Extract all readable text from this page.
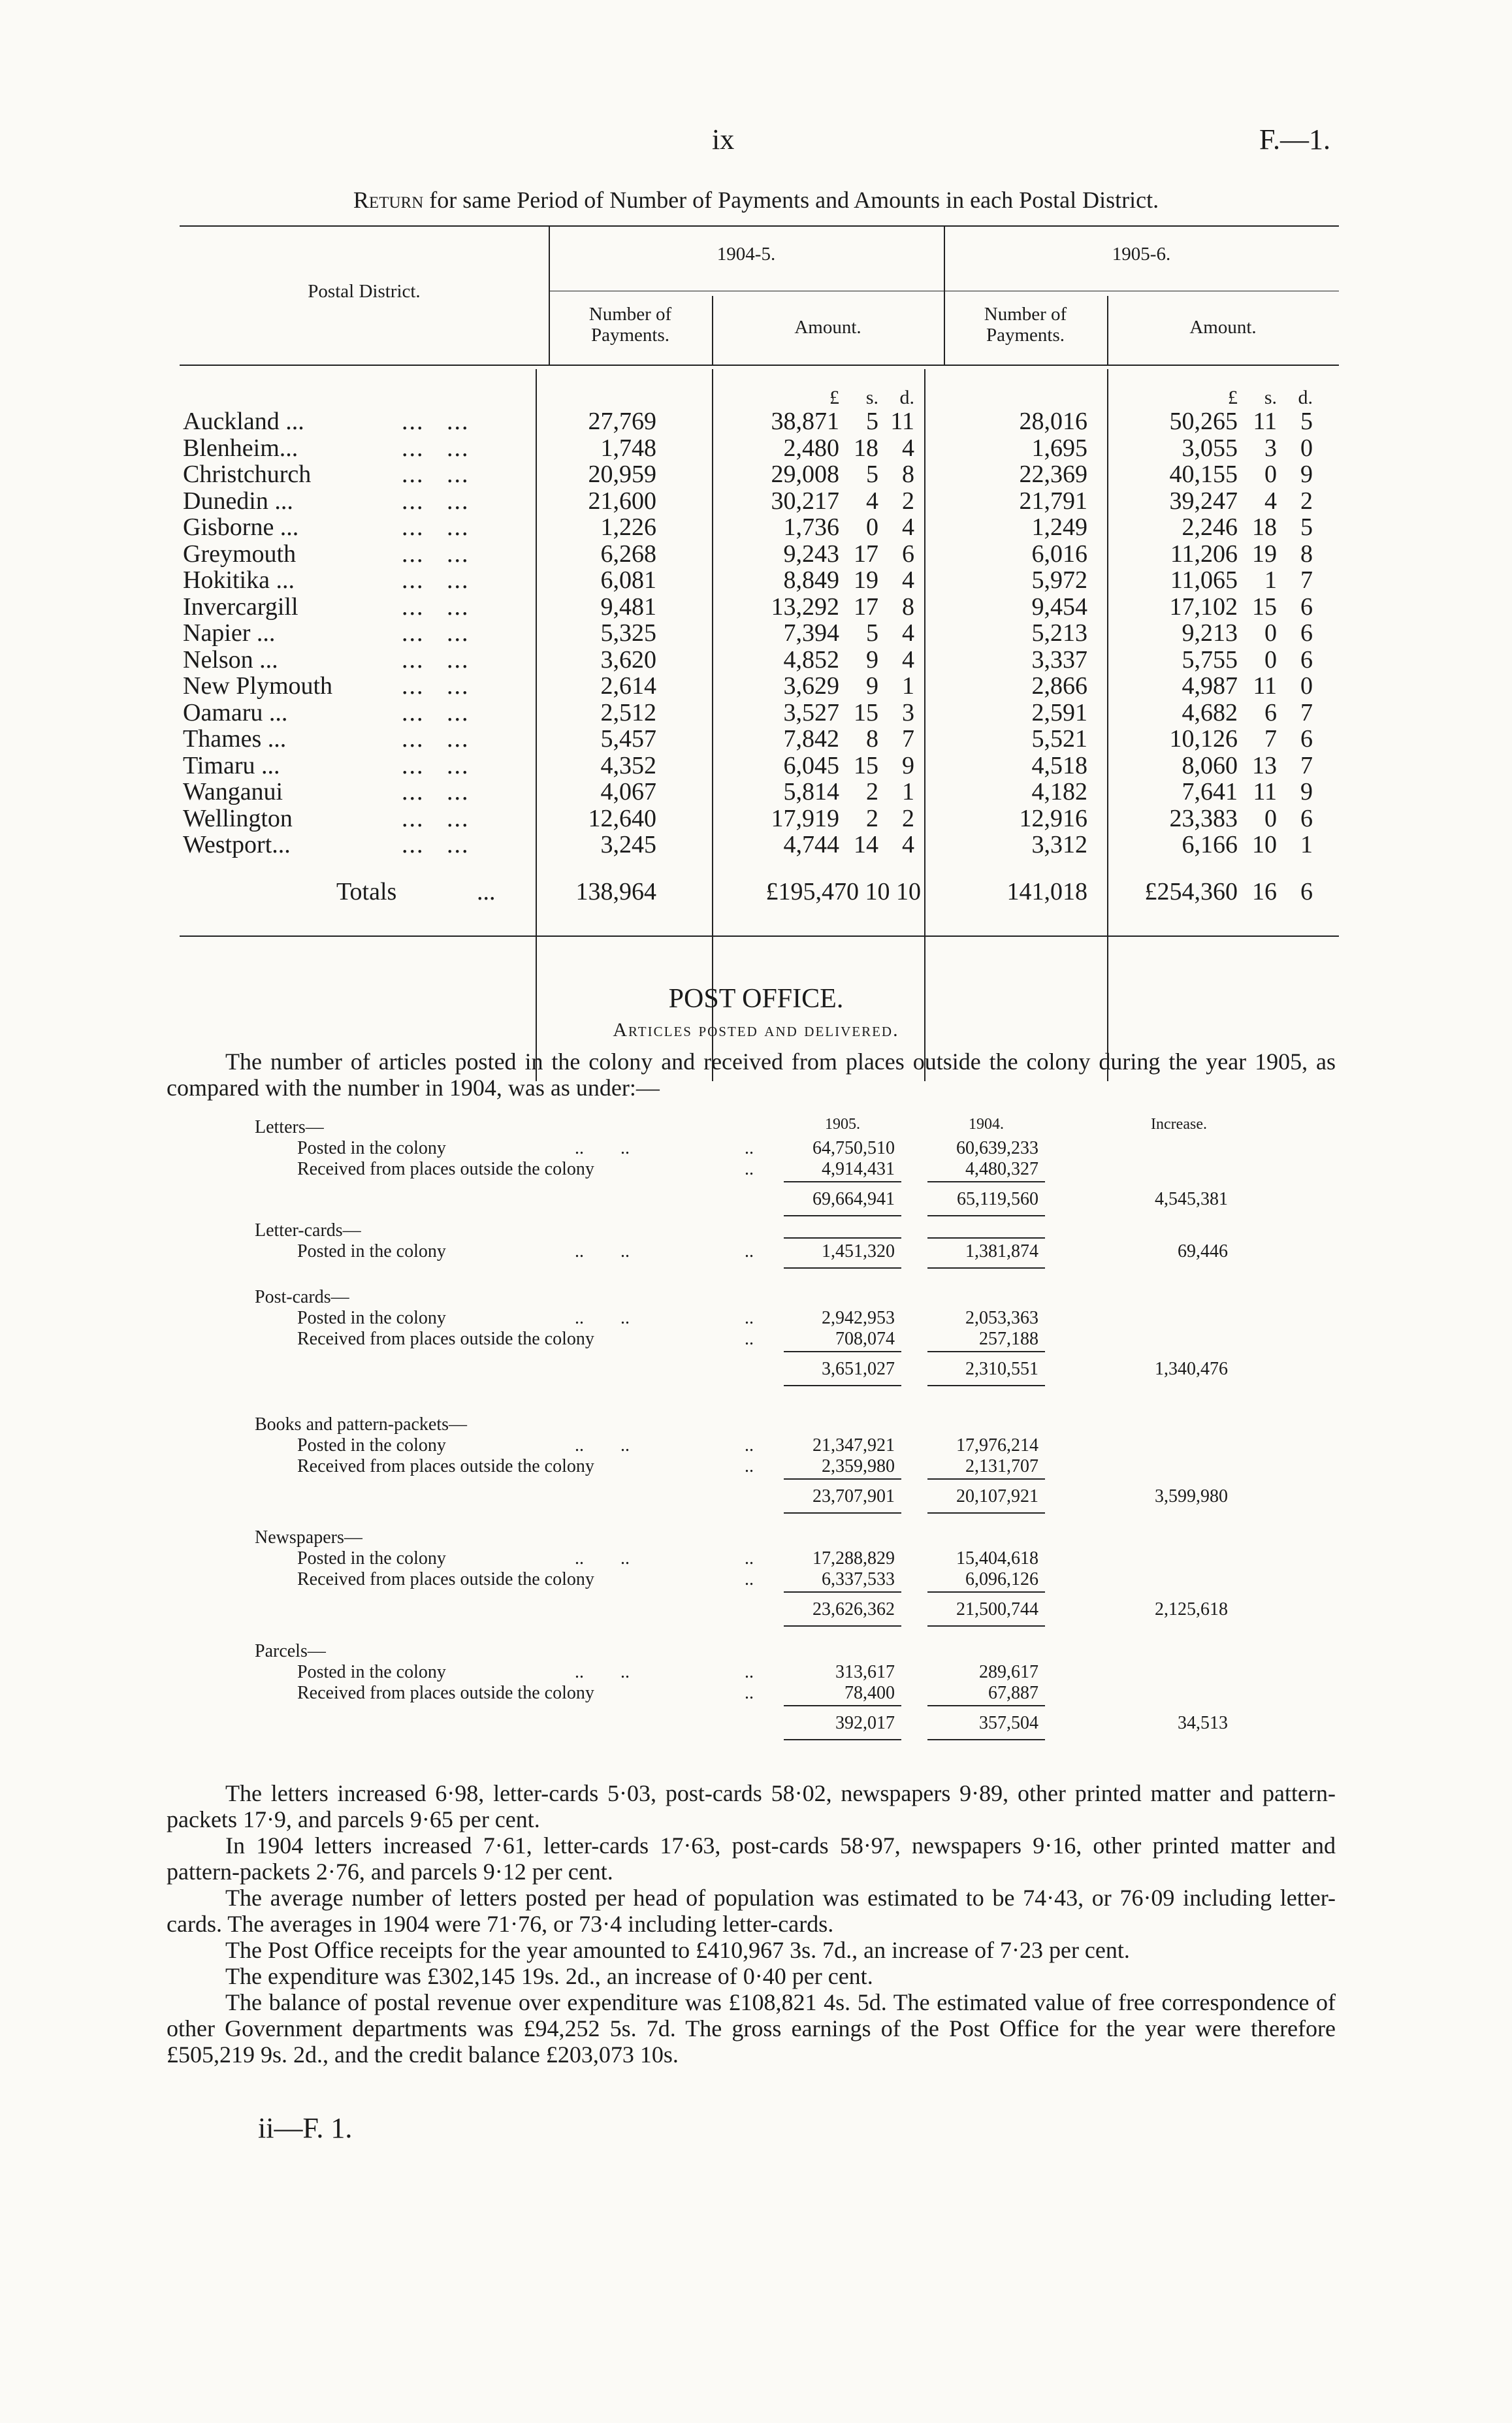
ix	F.—1.
Return for same Period of Number of Payments and Amounts in each Postal District.
Postal District.
1904-5.	1905-6.
Number of Payments.	Amount.
Number of Payments.	Amount.
£	s.	d.	£	s.	d.
Auckland ...	...   ...	27,769	38,871	5 11	28,016	50,265 11 5
Blenheim...	...   ...	1,748	2,480 18 4	1,695	3,055	3 0
Christchurch	...   ...	20,959	29,008	5 8	22,369	40,155	0 9
Dunedin ...	...   ...	21,600	30,217	4 2	21,791	39,247	4 2
Gisborne ...	...   ...	1,226	1,736	0 4	1,249	2,246 18 5
Greymouth	...   ...	6,268	9,243 17 6	6,016	11,206 19 8
Hokitika ...	...   ...	6,081	8,849 19 4	5,972	11,065	1 7
Invercargill	...   ...	9,481	13,292 17 8	9,454	17,102 15 6
Napier ...	...   ...	5,325	7,394	5 4	5,213	9,213	0 6
Nelson ...	...   ...	3,620	4,852	9 4	3,337	5,755	0 6
New Plymouth	...   ...	2,614	3,629	9 1	2,866	4,987 11 0
Oamaru ...	...   ...	2,512	3,527 15 3	2,591	4,682	6 7
Thames ...	...   ...	5,457	7,842	8 7	5,521	10,126	7 6
Timaru ...	...   ...	4,352	6,045 15 9	4,518	8,060 13 7
Wanganui	...   ...	4,067	5,814	2 1	4,182	7,641 11 9
Wellington	...   ...	12,640	17,919	2 2	12,916	23,383	0 6
Westport...	...   ...	3,245	4,744 14 4	3,312	6,166 10 1
Totals	...	138,964	£195,470 10 10	141,018	£254,360 16 6
POST OFFICE.
Articles posted and delivered.
The number of articles posted in the colony and received from places outside the colony during the year 1905, as compared with the number in 1904, was as under:—
1905.	1904.	Increase.
Letters—
Posted in the colony	..        ..	..	64,750,510	60,639,233
Received from places outside the colony	..	4,914,431	4,480,327
69,664,941	65,119,560	4,545,381
Letter-cards—
Posted in the colony	..        ..	..	1,451,320	1,381,874	69,446
Post-cards—
Posted in the colony	..        ..	..	2,942,953	2,053,363
Received from places outside the colony	..	708,074	257,188
3,651,027	2,310,551	1,340,476
Books and pattern-packets—
Posted in the colony	..        ..	..	21,347,921	17,976,214
Received from places outside the colony	..	2,359,980	2,131,707
23,707,901	20,107,921	3,599,980
Newspapers—
Posted in the colony	..        ..	..	17,288,829	15,404,618
Received from places outside the colony	..	6,337,533	6,096,126
23,626,362	21,500,744	2,125,618
Parcels—
Posted in the colony	..        ..	..	313,617	289,617
Received from places outside the colony	..	78,400	67,887
392,017	357,504	34,513
The letters increased 6·98, letter-cards 5·03, post-cards 58·02, newspapers 9·89, other printed matter and pattern-packets 17·9, and parcels 9·65 per cent.
In 1904 letters increased 7·61, letter-cards 17·63, post-cards 58·97, newspapers 9·16, other printed matter and pattern-packets 2·76, and parcels 9·12 per cent.
The average number of letters posted per head of population was estimated to be 74·43, or 76·09 including letter-cards. The averages in 1904 were 71·76, or 73·4 including letter-cards.
The Post Office receipts for the year amounted to £410,967 3s. 7d., an increase of 7·23 per cent.
The expenditure was £302,145 19s. 2d., an increase of 0·40 per cent.
The balance of postal revenue over expenditure was £108,821 4s. 5d. The estimated value of free correspondence of other Government departments was £94,252 5s. 7d. The gross earnings of the Post Office for the year were therefore £505,219 9s. 2d., and the credit balance £203,073 10s.
ii—F. 1.
